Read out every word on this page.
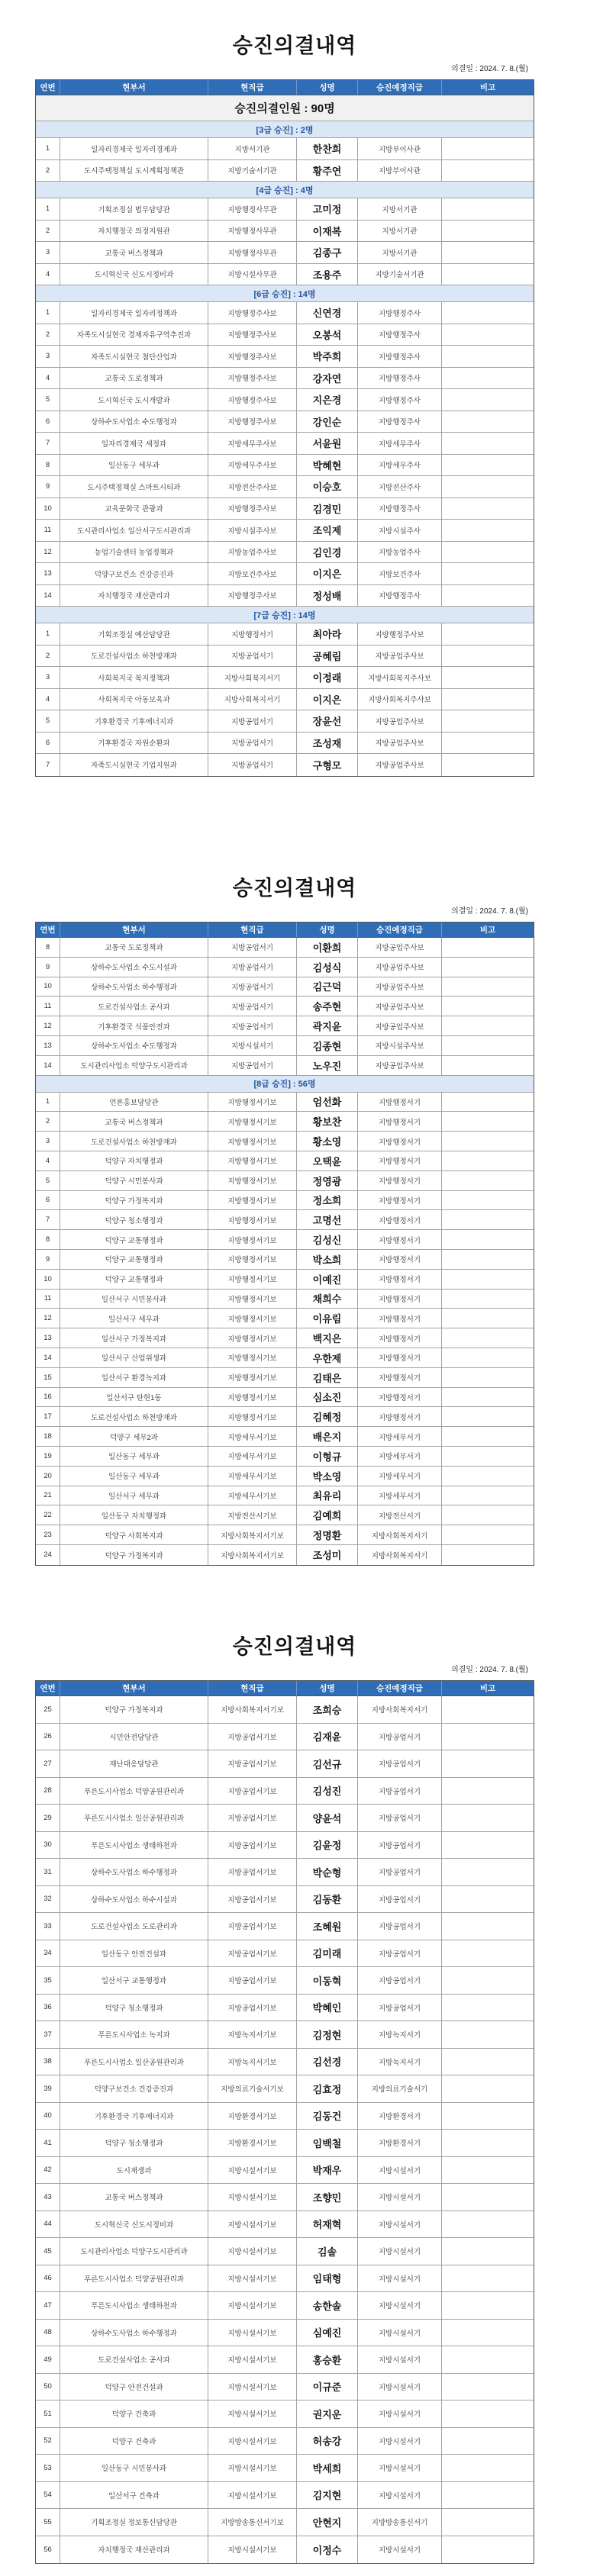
승진의결내역
의결일 : 2024. 7. 8.(월)
연번	현부서	현직급	성명	승진예정직급	비고
승진의결인원 : 90명
[3급 승진] : 2명
1	일자리경제국 일자리경제과	지방서기관	한찬희	지방부이사관
2	도시주택정책실 도시계획정책관	지방기술서기관	황주연	지방부이사관
[4급 승진] : 4명
1	기획조정실 법무담당관	지방행정사무관	고미정	지방서기관
2	자치행정국 의정지원관	지방행정사무관	이재복	지방서기관
3	교통국 버스정책과	지방행정사무관	김종구	지방서기관
4	도시혁신국 신도시정비과	지방시설사무관	조용주	지방기술서기관
[6급 승진] : 14명
1	일자리경제국 일자리정책과	지방행정주사보	신연경	지방행정주사
2	자족도시실현국 경제자유구역추진과	지방행정주사보	오봉석	지방행정주사
3	자족도시실현국 첨단산업과	지방행정주사보	박주희	지방행정주사
4	교통국 도로정책과	지방행정주사보	강자연	지방행정주사
5	도시혁신국 도시개발과	지방행정주사보	지은경	지방행정주사
6	상하수도사업소 수도행정과	지방행정주사보	강인순	지방행정주사
7	일자리경제국 세정과	지방세무주사보	서윤원	지방세무주사
8	일산동구 세무과	지방세무주사보	박혜현	지방세무주사
9	도시주택정책실 스마트시티과	지방전산주사보	이승호	지방전산주사
10	교육문화국 관광과	지방행정주사보	김경민	지방행정주사
11	도시관리사업소 일산서구도시관리과	지방시설주사보	조익제	지방시설주사
12	농업기술센터 농업정책과	지방농업주사보	김인경	지방농업주사
13	덕양구보건소 건강증진과	지방보건주사보	이지은	지방보건주사
14	자치행정국 재산관리과	지방행정주사보	정성배	지방행정주사
[7급 승진] : 14명
1	기획조정실 예산담당관	지방행정서기	최아라	지방행정주사보
2	도로건설사업소 하천방재과	지방공업서기	공혜림	지방공업주사보
3	사회복지국 복지정책과	지방사회복지서기	이정래	지방사회복지주사보
4	사회복지국 아동보육과	지방사회복지서기	이지은	지방사회복지주사보
5	기후환경국 기후에너지과	지방공업서기	장윤선	지방공업주사보
6	기후환경국 자원순환과	지방공업서기	조성재	지방공업주사보
7	자족도시실현국 기업지원과	지방공업서기	구형모	지방공업주사보
승진의결내역
의결일 : 2024. 7. 8.(월)
연번	현부서	현직급	성명	승진예정직급	비고
8	교통국 도로정책과	지방공업서기	이환희	지방공업주사보
9	상하수도사업소 수도시설과	지방공업서기	김성식	지방공업주사보
10	상하수도사업소 하수행정과	지방공업서기	김근덕	지방공업주사보
11	도로건설사업소 공사과	지방공업서기	송주현	지방공업주사보
12	기후환경국 식품안전과	지방공업서기	곽지윤	지방공업주사보
13	상하수도사업소 수도행정과	지방시설서기	김종현	지방시설주사보
14	도시관리사업소 덕양구도시관리과	지방공업서기	노우진	지방공업주사보
[8급 승진] : 56명
1	언론홍보담당관	지방행정서기보	엄선화	지방행정서기
2	교통국 버스정책과	지방행정서기보	황보찬	지방행정서기
3	도로건설사업소 하천방재과	지방행정서기보	황소영	지방행정서기
4	덕양구 자치행정과	지방행정서기보	오택윤	지방행정서기
5	덕양구 시민봉사과	지방행정서기보	정영광	지방행정서기
6	덕양구 가정복지과	지방행정서기보	정소희	지방행정서기
7	덕양구 청소행정과	지방행정서기보	고명선	지방행정서기
8	덕양구 교통행정과	지방행정서기보	김성신	지방행정서기
9	덕양구 교통행정과	지방행정서기보	박소희	지방행정서기
10	덕양구 교통행정과	지방행정서기보	이예진	지방행정서기
11	일산서구 시민봉사과	지방행정서기보	채희수	지방행정서기
12	일산서구 세무과	지방행정서기보	이유림	지방행정서기
13	일산서구 가정복지과	지방행정서기보	백지은	지방행정서기
14	일산서구 산업위생과	지방행정서기보	우한제	지방행정서기
15	일산서구 환경녹지과	지방행정서기보	김태은	지방행정서기
16	일산서구 탄현1동	지방행정서기보	심소진	지방행정서기
17	도로건설사업소 하천방재과	지방행정서기보	김혜정	지방행정서기
18	덕양구 세무2과	지방세무서기보	배은지	지방세무서기
19	일산동구 세무과	지방세무서기보	이형규	지방세무서기
20	일산동구 세무과	지방세무서기보	박소영	지방세무서기
21	일산서구 세무과	지방세무서기보	최유리	지방세무서기
22	일산동구 자치행정과	지방전산서기보	김예희	지방전산서기
23	덕양구 사회복지과	지방사회복지서기보	정명환	지방사회복지서기
24	덕양구 가정복지과	지방사회복지서기보	조성미	지방사회복지서기
승진의결내역
의결일 : 2024. 7. 8.(월)
연번	현부서	현직급	성명	승진예정직급	비고
25	덕양구 가정복지과	지방사회복지서기보	조희승	지방사회복지서기
26	시민안전담당관	지방공업서기보	김재윤	지방공업서기
27	재난대응담당관	지방공업서기보	김선규	지방공업서기
28	푸른도시사업소 덕양공원관리과	지방공업서기보	김성진	지방공업서기
29	푸른도시사업소 일산공원관리과	지방공업서기보	양윤석	지방공업서기
30	푸른도시사업소 생태하천과	지방공업서기보	김윤정	지방공업서기
31	상하수도사업소 하수행정과	지방공업서기보	박순형	지방공업서기
32	상하수도사업소 하수시설과	지방공업서기보	김동환	지방공업서기
33	도로건설사업소 도로관리과	지방공업서기보	조혜원	지방공업서기
34	일산동구 안전건설과	지방공업서기보	김미래	지방공업서기
35	일산서구 교통행정과	지방공업서기보	이동혁	지방공업서기
36	덕양구 청소행정과	지방공업서기보	박혜인	지방공업서기
37	푸른도시사업소 녹지과	지방녹지서기보	김정현	지방녹지서기
38	푸른도시사업소 일산공원관리과	지방녹지서기보	김선경	지방녹지서기
39	덕양구보건소 건강증진과	지방의료기술서기보	김효정	지방의료기술서기
40	기후환경국 기후에너지과	지방환경서기보	김동건	지방환경서기
41	덕양구 청소행정과	지방환경서기보	임백철	지방환경서기
42	도시재생과	지방시설서기보	박재우	지방시설서기
43	교통국 버스정책과	지방시설서기보	조향민	지방시설서기
44	도시혁신국 신도시정비과	지방시설서기보	허재혁	지방시설서기
45	도시관리사업소 덕양구도시관리과	지방시설서기보	김솔	지방시설서기
46	푸른도시사업소 덕양공원관리과	지방시설서기보	임태형	지방시설서기
47	푸른도시사업소 생태하천과	지방시설서기보	송한솔	지방시설서기
48	상하수도사업소 하수행정과	지방시설서기보	심예진	지방시설서기
49	도로건설사업소 공사과	지방시설서기보	홍승환	지방시설서기
50	덕양구 안전건설과	지방시설서기보	이규준	지방시설서기
51	덕양구 건축과	지방시설서기보	권지운	지방시설서기
52	덕양구 건축과	지방시설서기보	허송강	지방시설서기
53	일산동구 시민봉사과	지방시설서기보	박세희	지방시설서기
54	일산서구 건축과	지방시설서기보	김지현	지방시설서기
55	기획조정실 정보통신담당관	지방방송통신서기보	안현지	지방방송통신서기
56	자치행정국 재산관리과	지방시설서기보	이정수	지방시설서기
